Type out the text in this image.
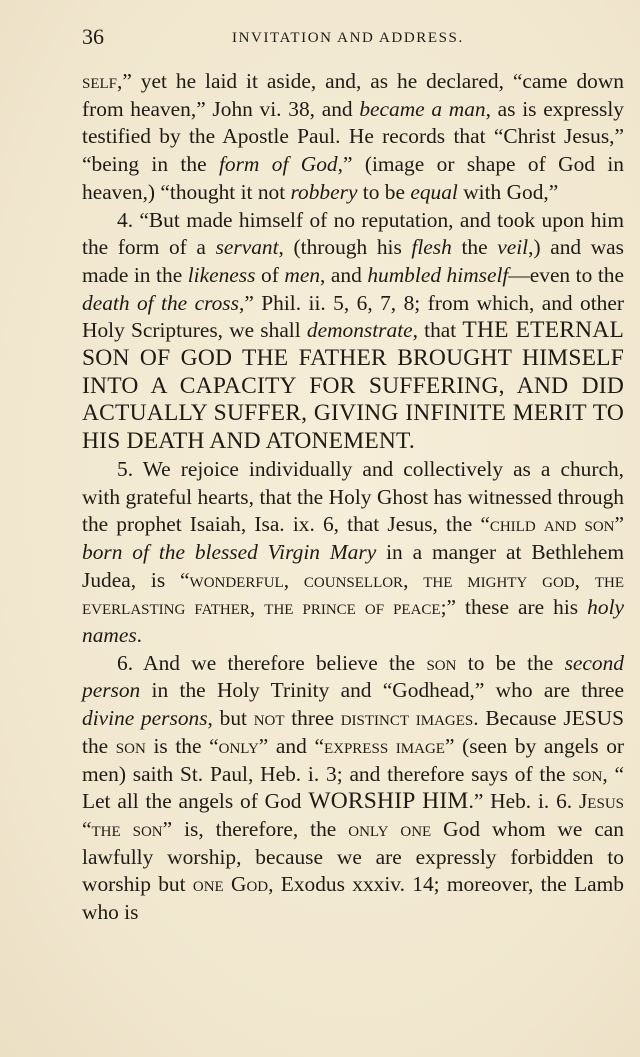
36	INVITATION AND ADDRESS.

self,” yet he laid it aside, and, as he declared, “came down from heaven,” John vi. 38, and became a man, as is expressly testified by the Apostle Paul. He records that “Christ Jesus,” “being in the form of God,” (image or shape of God in heaven,) “thought it not robbery to be equal with God,”

4. “But made himself of no reputation, and took upon him the form of a servant, (through his flesh the veil,) and was made in the likeness of men, and humbled himself—even to the death of the cross,” Phil. ii. 5, 6, 7, 8; from which, and other Holy Scriptures, we shall demonstrate, that THE ETERNAL SON OF GOD THE FATHER BROUGHT HIMSELF INTO A CAPACITY FOR SUFFERING, AND DID ACTUALLY SUFFER, GIVING INFINITE MERIT TO HIS DEATH AND ATONEMENT.

5. We rejoice individually and collectively as a church, with grateful hearts, that the Holy Ghost has witnessed through the prophet Isaiah, Isa. ix. 6, that Jesus, the “child and son” born of the blessed Virgin Mary in a manger at Bethlehem Judea, is “wonderful, counsellor, the mighty god, the everlasting father, the prince of peace;” these are his holy names.

6. And we therefore believe the son to be the second person in the Holy Trinity and “Godhead,” who are three divine persons, but not three distinct images. Because JESUS the son is the “only” and “express image” (seen by angels or men) saith St. Paul, Heb. i. 3; and therefore says of the son, “ Let all the angels of God WORSHIP HIM.” Heb. i. 6. Jesus “the son” is, therefore, the only one God whom we can lawfully worship, because we are expressly forbidden to worship but one God, Exodus xxxiv. 14; moreover, the Lamb who is
